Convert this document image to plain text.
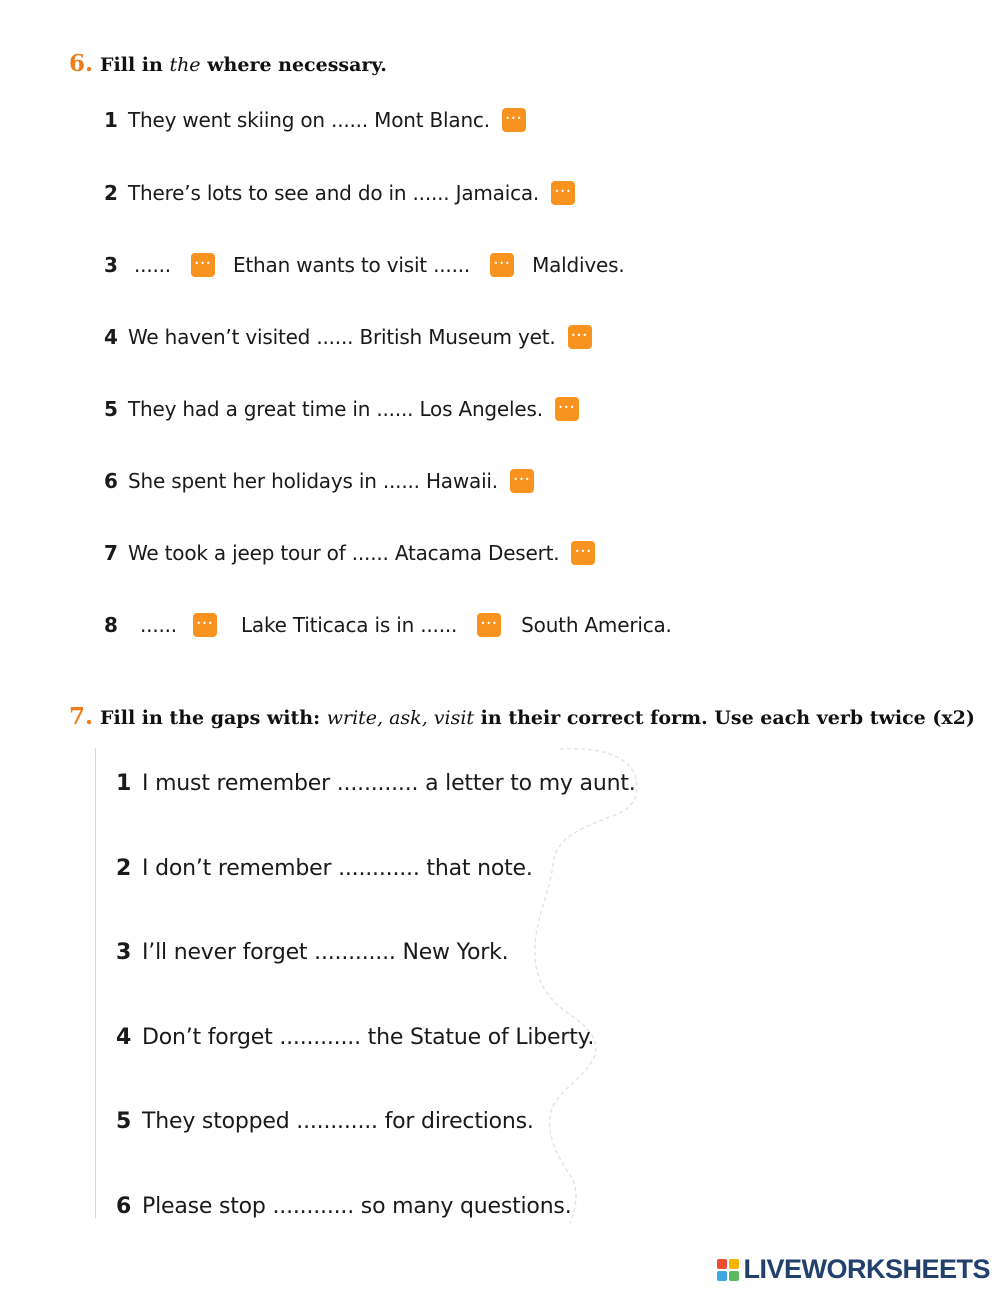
6. Fill in the where necessary.
1 They went skiing on ...... Mont Blanc.
•••
2 There’s lots to see and do in ...... Jamaica.
•••
3 ...... •••	Ethan wants to visit ...... •••	Maldives.
4 We haven’t visited ...... British Museum yet.
•••
5 They had a great time in ...... Los Angeles.
•••
6 She spent her holidays in ...... Hawaii.
•••
7 We took a jeep tour of ...... Atacama Desert.
•••
8	...... •••	Lake Titicaca is in ...... •••	South America.
7. Fill in the gaps with: write, ask, visit in their correct form. Use each verb twice (x2)
1 I must remember ............ a letter to my aunt.
2 I don’t remember ............ that note.
3 I’ll never forget ............ New York.
4 Don’t forget ............ the Statue of Liberty.
5 They stopped ............ for directions.
6 Please stop ............ so many questions.
LIVEWORKSHEETS
